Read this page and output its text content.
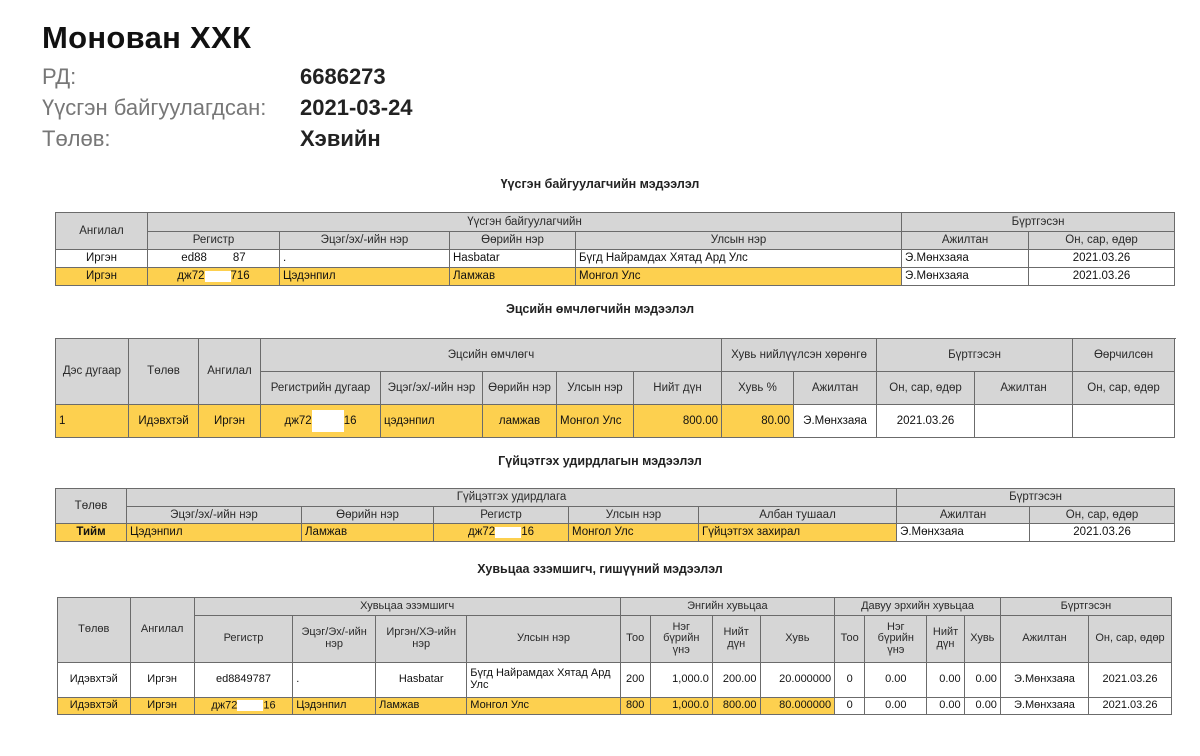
Монован ХХК
РД:	6686273
Үүсгэн байгуулагдсан:	2021-03-24
Төлөв:	Хэвийн
Үүсгэн байгуулагчийн мэдээлэл
Ангилал	Үүсгэн байгуулагчийн				Бүртгэсэн	
	Регистр	Эцэг/эх/-ийн нэр	Өөрийн нэр	Улсын нэр	Ажилтан	Он, сар, өдөр
Иргэн	ed88 87	.	Hasbatar	Бүгд Найрамдах Хятад Ард Улс	Э.Мөнхзаяа	2021.03.26
Иргэн	дж72 716	Цэдэнпил	Ламжав	Монгол Улс	Э.Мөнхзаяа	2021.03.26
Эцсийн өмчлөгчийн мэдээлэл
Дэс дугаар	Төлөв	Ангилал	Эцсийн өмчлөгч					Хувь нийлүүлсэн хөрөнгө		Бүртгэсэн		Өөрчилсөн
			Регистрийн дугаар	Эцэг/эх/-ийн нэр	Өөрийн нэр	Улсын нэр	Нийт дүн	Хувь %	Ажилтан	Он, сар, өдөр	Ажилтан	Он, сар, өдөр
1	Идэвхтэй	Иргэн	дж72 16	цэдэнпил	ламжав	Монгол Улс	800.00	80.00	Э.Мөнхзаяа	2021.03.26		
Гүйцэтгэх удирдлагын мэдээлэл
Төлөв	Гүйцэтгэх удирдлага					Бүртгэсэн	
	Эцэг/эх/-ийн нэр	Өөрийн нэр	Регистр	Улсын нэр	Албан тушаал	Ажилтан	Он, сар, өдөр
Тийм	Цэдэнпил	Ламжав	дж72 16	Монгол Улс	Гүйцэтгэх захирал	Э.Мөнхзаяа	2021.03.26
Хувьцаа эзэмшигч, гишүүний мэдээлэл
Төлөв	Ангилал	Хувьцаа эзэмшигч				Энгийн хувьцаа				Давуу эрхийн хувьцаа				Бүртгэсэн	
		Регистр	Эцэг/Эх/-ийн нэр	Иргэн/ХЭ-ийн нэр	Улсын нэр	Тоо	Нэг бүрийн үнэ	Нийт дүн	Хувь	Тоо	Нэг бүрийн үнэ	Нийт дүн	Хувь	Ажилтан	Он, сар, өдөр
Идэвхтэй	Иргэн	ed8849787	.	Hasbatar	Бүгд Найрамдах Хятад Ард Улс	200	1,000.0	200.00	20.000000	0	0.00	0.00	0.00	Э.Мөнхзаяа	2021.03.26
Идэвхтэй	Иргэн	дж72 16	Цэдэнпил	Ламжав	Монгол Улс	800	1,000.0	800.00	80.000000	0	0.00	0.00	0.00	Э.Мөнхзаяа	2021.03.26
